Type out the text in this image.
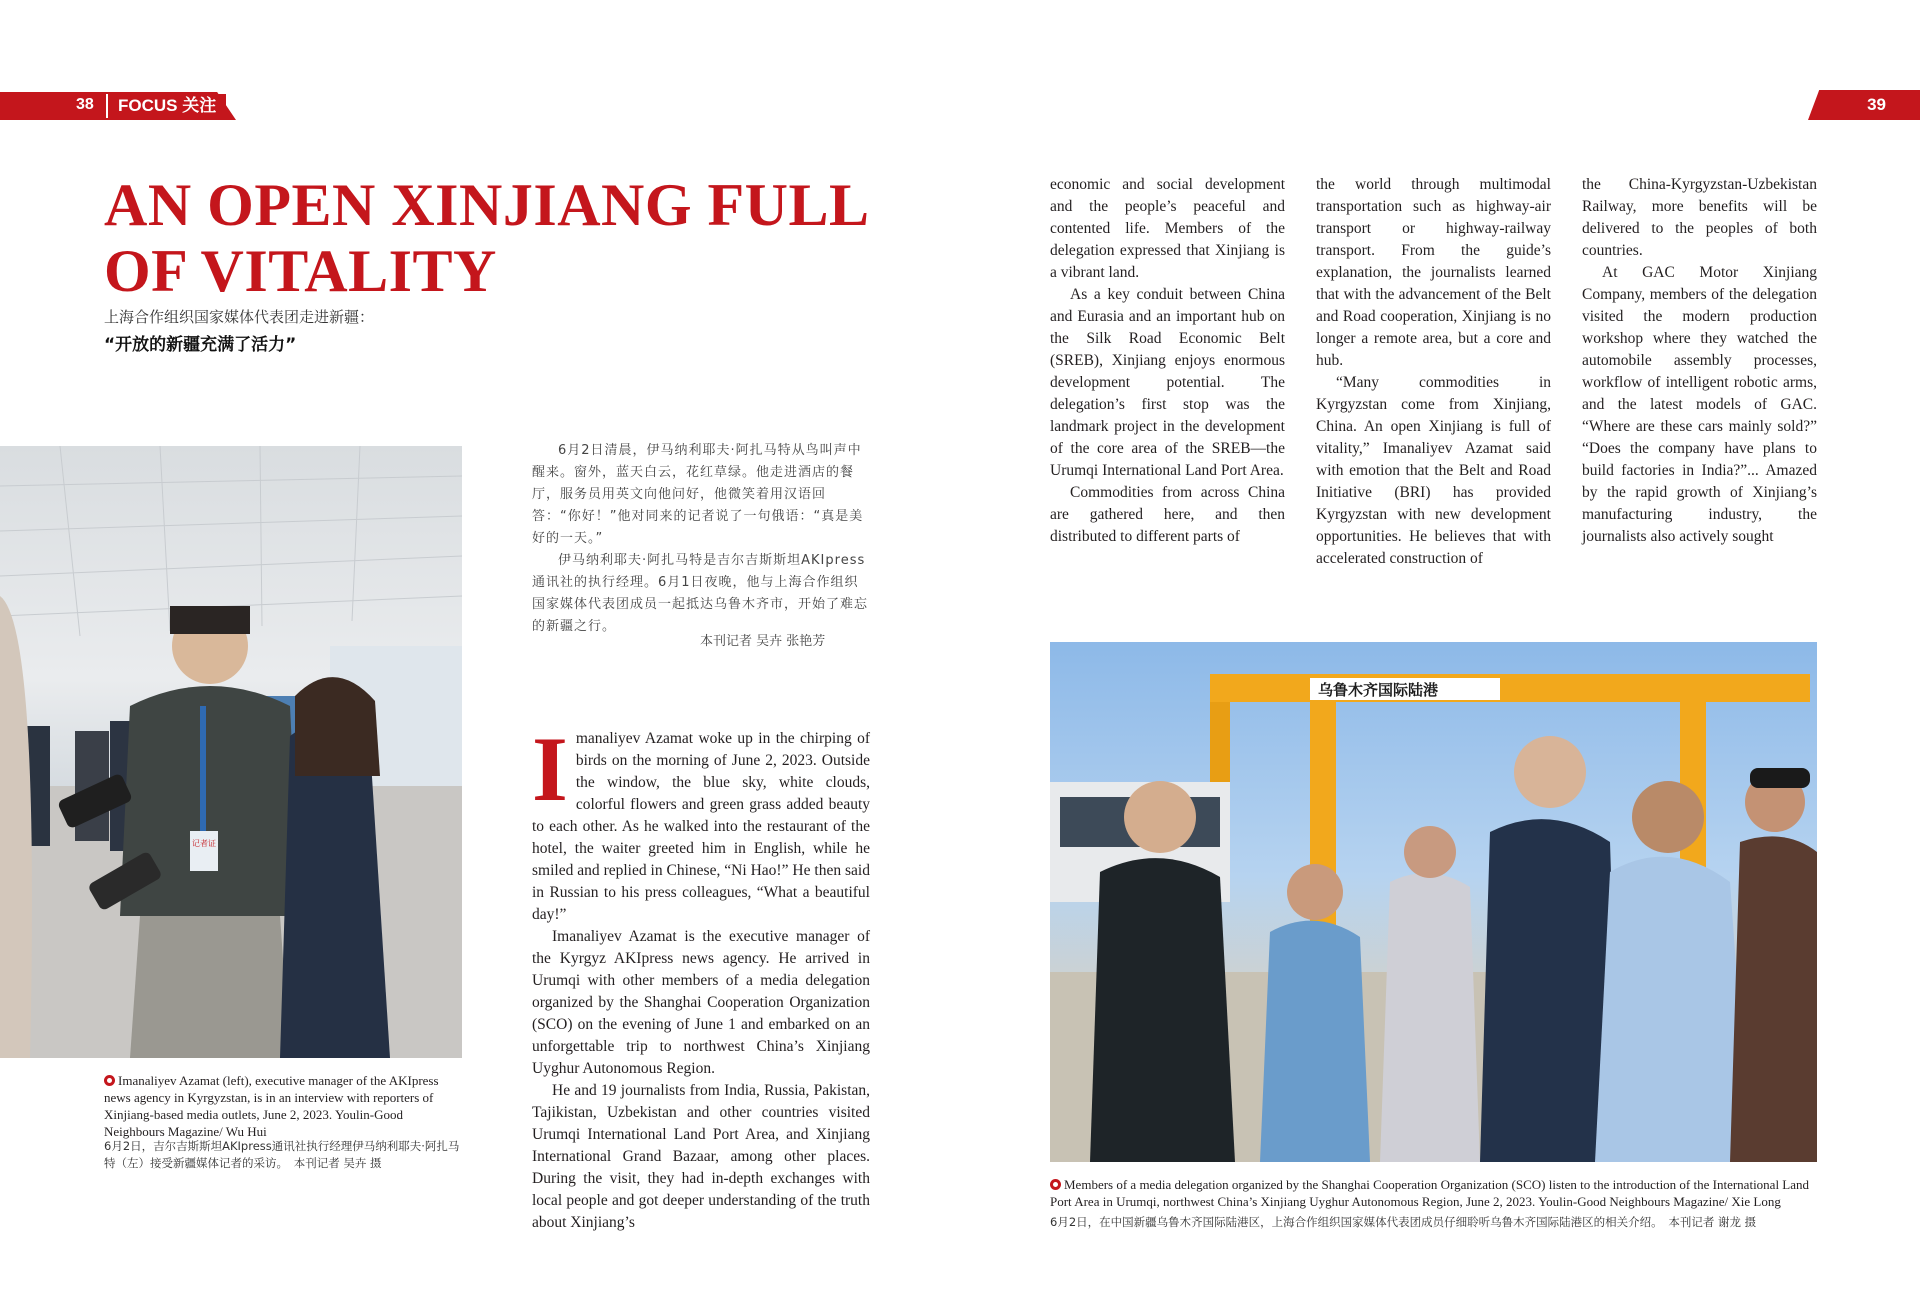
38	FOCUS 关注	39
AN OPEN XINJIANG FULL OF VITALITY
上海合作组织国家媒体代表团走进新疆：
“开放的新疆充满了活力”

6月2日清晨，伊马纳利耶夫·阿扎马特从鸟叫声中醒来。窗外，蓝天白云，花红草绿。他走进酒店的餐厅，服务员用英文向他问好，他微笑着用汉语回答：“你好！”他对同来的记者说了一句俄语：“真是美好的一天。”

伊马纳利耶夫·阿扎马特是吉尔吉斯斯坦AKIpress通讯社的执行经理。6月1日夜晚，他与上海合作组织国家媒体代表团成员一起抵达乌鲁木齐市，开始了难忘的新疆之行。

本刊记者 吴卉 张艳芳
记者证
Imanaliyev Azamat (left), executive manager of the AKIpress news agency in Kyrgyzstan, is in an interview with reporters of Xinjiang-based media outlets, June 2, 2023. Youlin-Good Neighbours Magazine/ Wu Hui
6月2日，吉尔吉斯斯坦AKIpress通讯社执行经理伊马纳利耶夫·阿扎马特（左）接受新疆媒体记者的采访。　本刊记者 吴卉 摄

Imanaliyev Azamat woke up in the chirping of birds on the morning of June 2, 2023. Outside the window, the blue sky, white clouds, colorful flowers and green grass added beauty to each other. As he walked into the restaurant of the hotel, the waiter greeted him in English, while he smiled and replied in Chinese, “Ni Hao!” He then said in Russian to his press colleagues, “What a beautiful day!”

Imanaliyev Azamat is the executive manager of the Kyrgyz AKIpress news agency. He arrived in Urumqi with other members of a media delegation organized by the Shanghai Cooperation Organization (SCO) on the evening of June 1 and embarked on an unforgettable trip to northwest China’s Xinjiang Uyghur Autonomous Region.

He and 19 journalists from India, Russia, Pakistan, Tajikistan, Uzbekistan and other countries visited Urumqi International Land Port Area, and Xinjiang International Grand Bazaar, among other places. During the visit, they had in-depth exchanges with local people and got deeper understanding of the truth about Xinjiang’s

economic and social development and the people’s peaceful and contented life. Members of the delegation expressed that Xinjiang is a vibrant land.

As a key conduit between China and Eurasia and an important hub on the Silk Road Economic Belt (SREB), Xinjiang enjoys enormous development potential. The delegation’s first stop was the landmark project in the development of the core area of the SREB—the Urumqi International Land Port Area.

Commodities from across China are gathered here, and then distributed to different parts of

the world through multimodal transportation such as highway-air transport or highway-railway transport. From the guide’s explanation, the journalists learned that with the advancement of the Belt and Road cooperation, Xinjiang is no longer a remote area, but a core and hub.

“Many commodities in Kyrgyzstan come from Xinjiang, China. An open Xinjiang is full of vitality,” Imanaliyev Azamat said with emotion that the Belt and Road Initiative (BRI) has provided Kyrgyzstan with new development opportunities. He believes that with accelerated construction of

the China-Kyrgyzstan-Uzbekistan Railway, more benefits will be delivered to the peoples of both countries.

At GAC Motor Xinjiang Company, members of the delegation visited the modern production workshop where they watched the automobile assembly processes, workflow of intelligent robotic arms, and the latest models of GAC. “Where are these cars mainly sold?” “Does the company have plans to build factories in India?”... Amazed by the rapid growth of Xinjiang’s manufacturing industry, the journalists also actively sought

乌鲁木齐国际陆港
Members of a media delegation organized by the Shanghai Cooperation Organization (SCO) listen to the introduction of the International Land Port Area in Urumqi, northwest China’s Xinjiang Uyghur Autonomous Region, June 2, 2023. Youlin-Good Neighbours Magazine/ Xie Long
6月2日，在中国新疆乌鲁木齐国际陆港区，上海合作组织国家媒体代表团成员仔细聆听乌鲁木齐国际陆港区的相关介绍。　本刊记者 谢龙 摄
